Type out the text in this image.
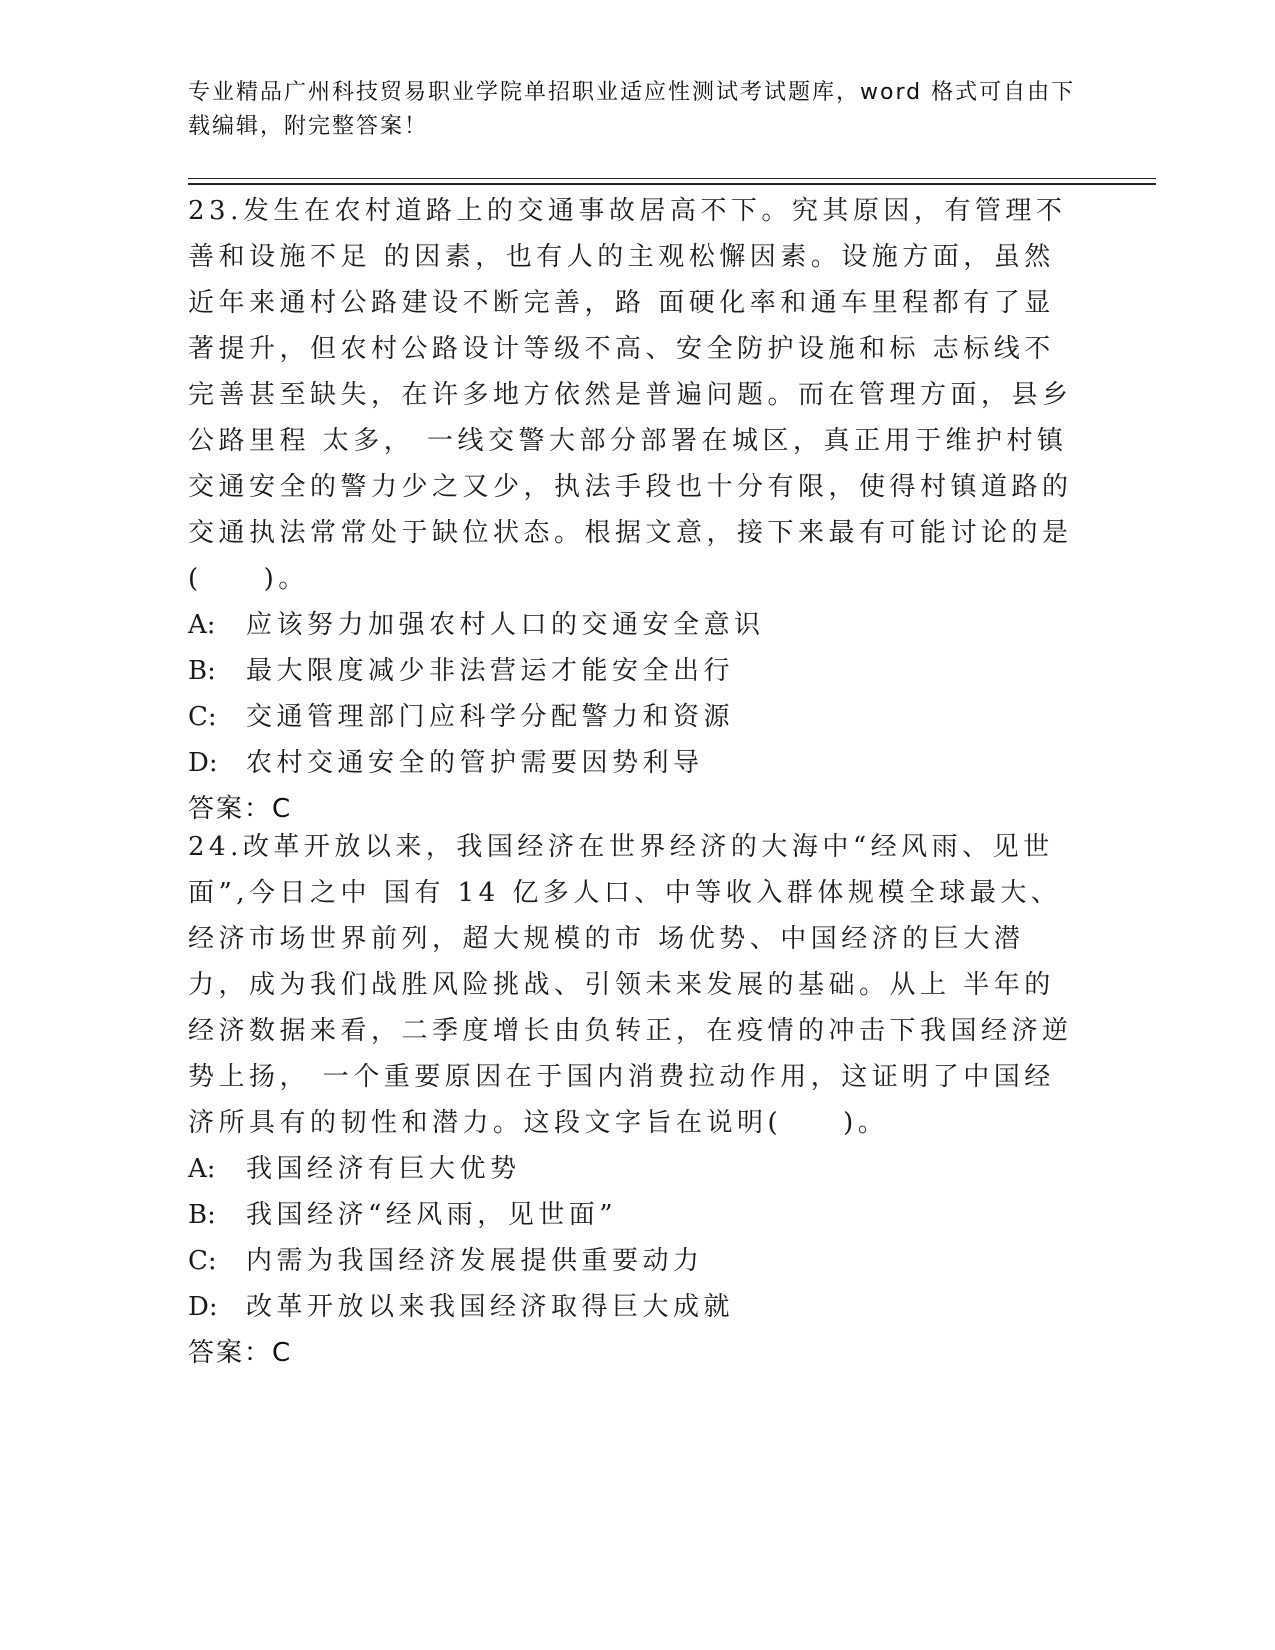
专业精品广州科技贸易职业学院单招职业适应性测试考试题库，word 格式可自由下载编辑，附完整答案！

23.发生在农村道路上的交通事故居高不下。究其原因，有管理不善和设施不足 的因素，也有人的主观松懈因素。设施方面，虽然近年来通村公路建设不断完善，路 面硬化率和通车里程都有了显著提升，但农村公路设计等级不高、安全防护设施和标 志标线不完善甚至缺失，在许多地方依然是普遍问题。而在管理方面，县乡公路里程 太多， 一线交警大部分部署在城区，真正用于维护村镇交通安全的警力少之又少，执法手段也十分有限，使得村镇道路的交通执法常常处于缺位状态。根据文意，接下来最有可能讨论的是(　　)。

A: 应该努力加强农村人口的交通安全意识
B: 最大限度减少非法营运才能安全出行
C: 交通管理部门应科学分配警力和资源
D: 农村交通安全的管护需要因势利导
答案：C

24.改革开放以来，我国经济在世界经济的大海中“经风雨、见世面”,今日之中 国有 14 亿多人口、中等收入群体规模全球最大、经济市场世界前列，超大规模的市 场优势、中国经济的巨大潜力，成为我们战胜风险挑战、引领未来发展的基础。从上 半年的经济数据来看，二季度增长由负转正，在疫情的冲击下我国经济逆势上扬， 一个重要原因在于国内消费拉动作用，这证明了中国经济所具有的韧性和潜力。这段文字旨在说明(　　)。

A: 我国经济有巨大优势
B: 我国经济“经风雨，见世面”
C: 内需为我国经济发展提供重要动力
D: 改革开放以来我国经济取得巨大成就
答案：C
